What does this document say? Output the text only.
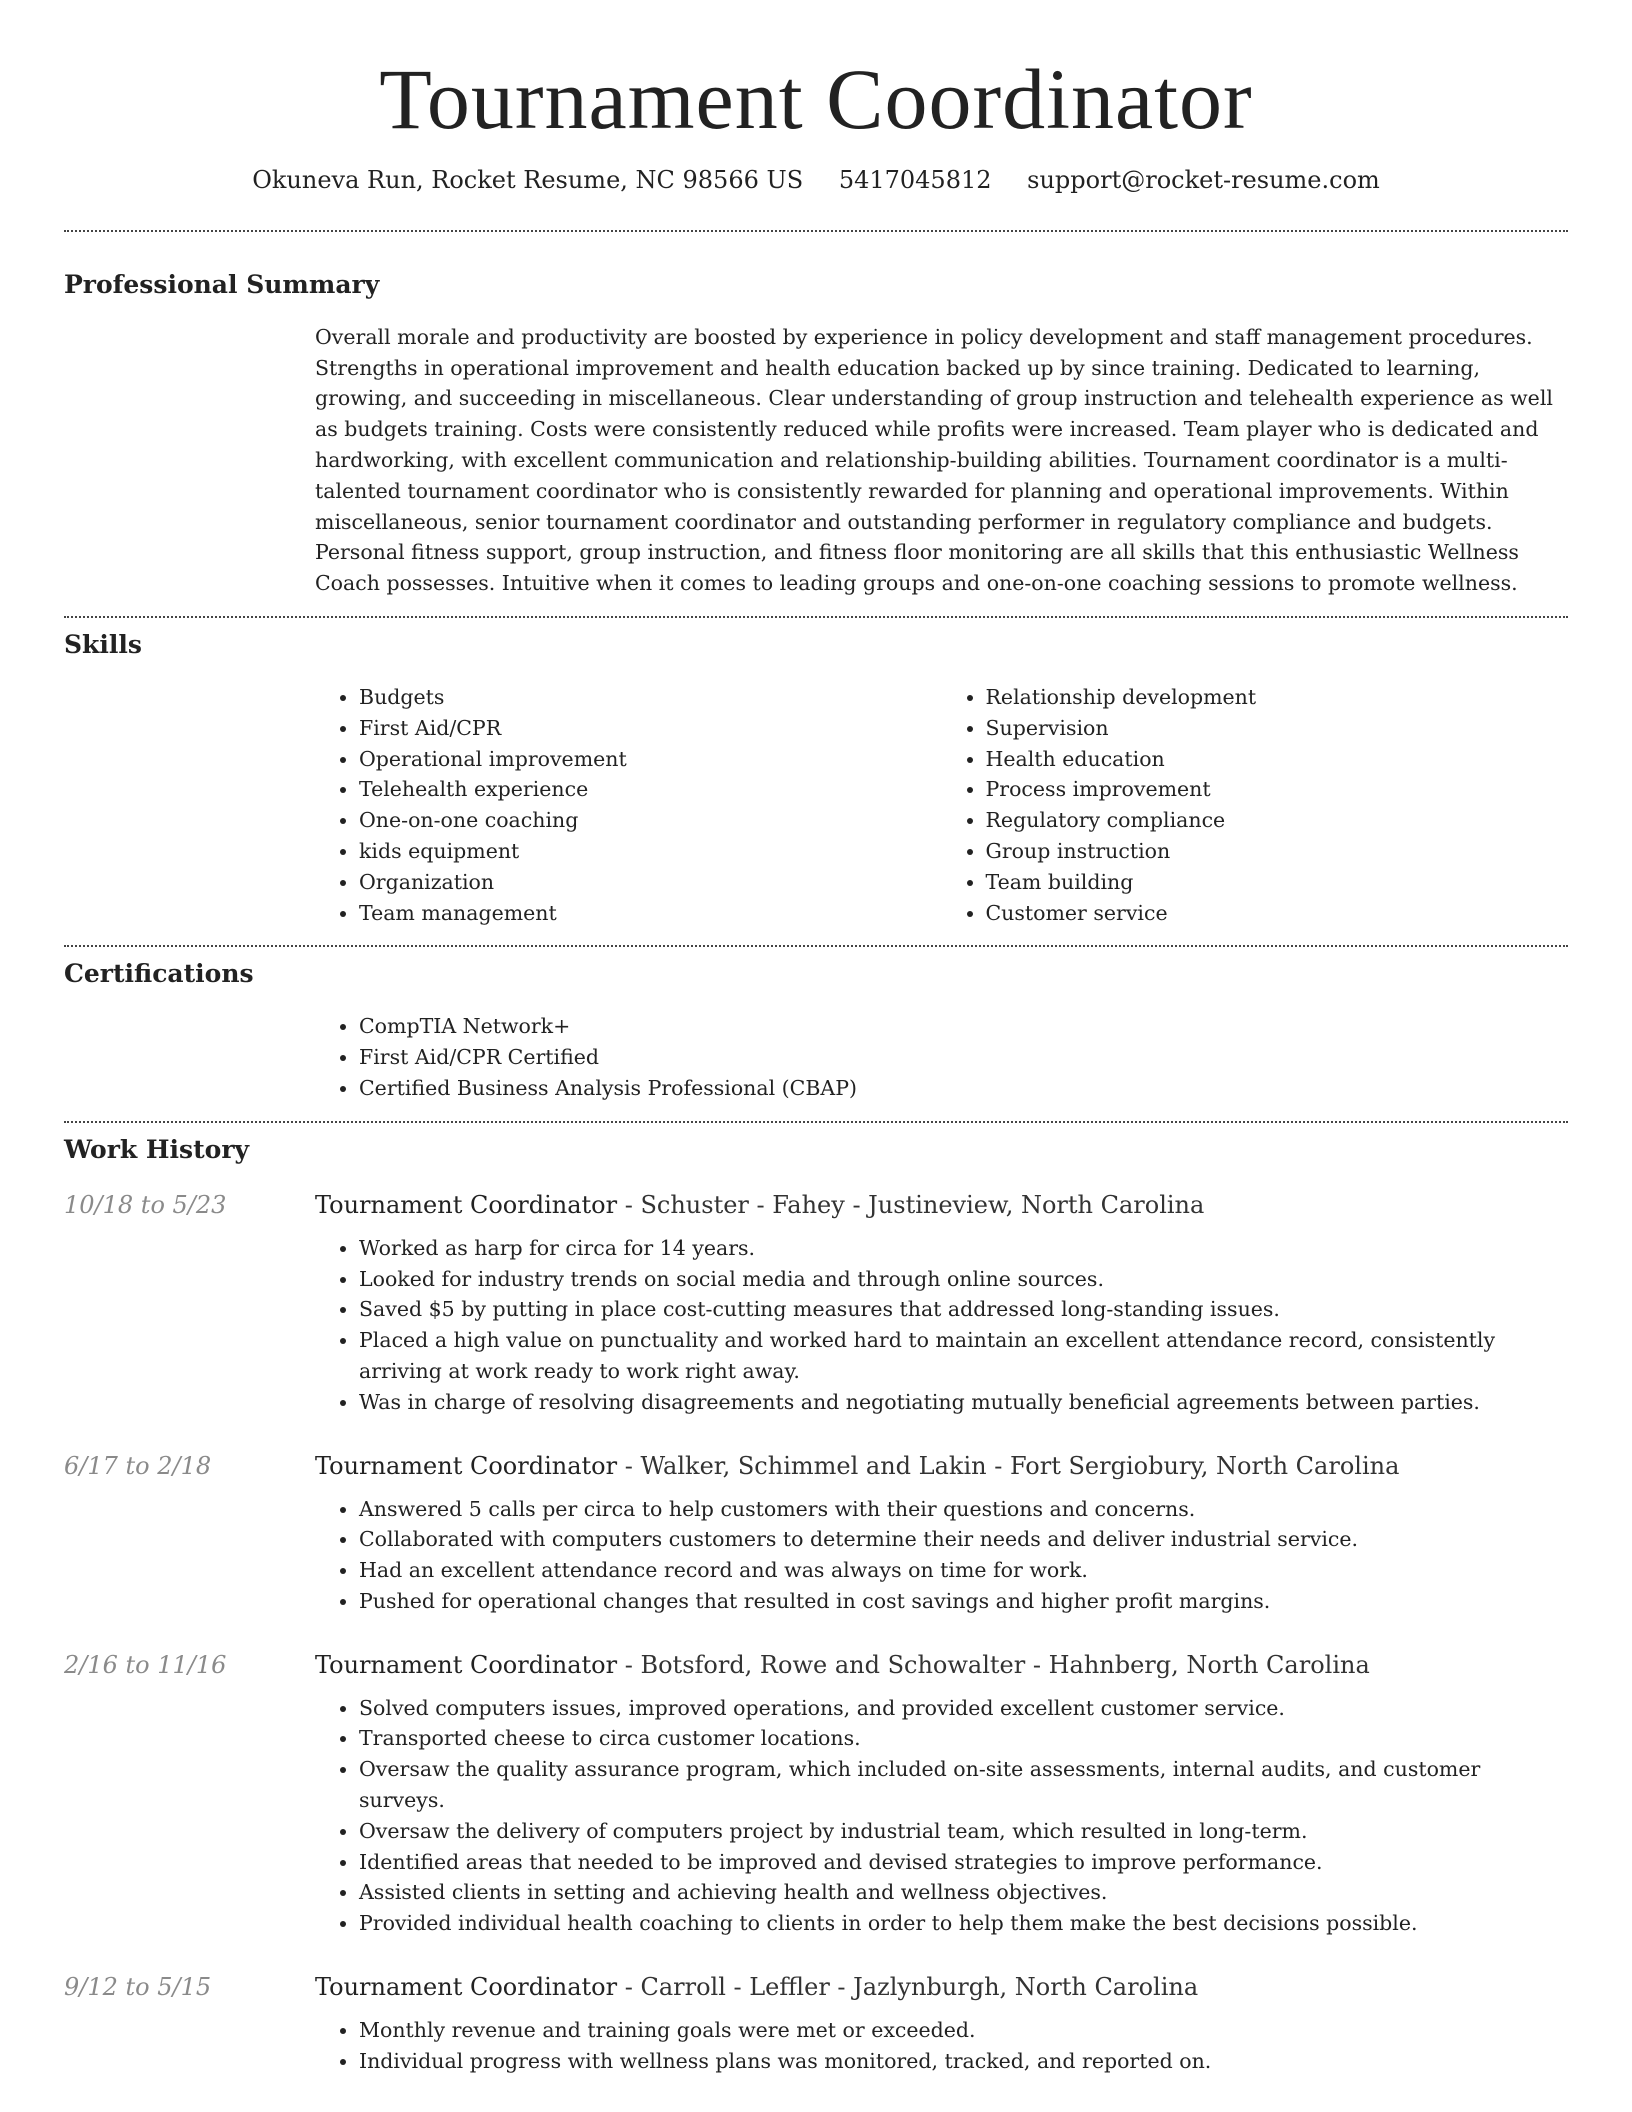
Tournament Coordinator
Okuneva Run, Rocket Resume, NC 98566 US 5417045812 support@rocket-resume.com
Professional Summary

Overall morale and productivity are boosted by experience in policy development and staff management procedures. Strengths in operational improvement and health education backed up by since training. Dedicated to learning, growing, and succeeding in miscellaneous. Clear understanding of group instruction and telehealth experience as well as budgets training. Costs were consistently reduced while profits were increased. Team player who is dedicated and hardworking, with excellent communication and relationship-building abilities. Tournament coordinator is a multi-talented tournament coordinator who is consistently rewarded for planning and operational improvements. Within miscellaneous, senior tournament coordinator and outstanding performer in regulatory compliance and budgets. Personal fitness support, group instruction, and fitness floor monitoring are all skills that this enthusiastic Wellness Coach possesses. Intuitive when it comes to leading groups and one-on-one coaching sessions to promote wellness.

Skills
• Budgets
• First Aid/CPR
• Operational improvement
• Telehealth experience
• One-on-one coaching
• kids equipment
• Organization
• Team management
• Relationship development
• Supervision
• Health education
• Process improvement
• Regulatory compliance
• Group instruction
• Team building
• Customer service
Certifications
• CompTIA Network+
• First Aid/CPR Certified
• Certified Business Analysis Professional (CBAP)
Work History
10/18 to 5/23	Tournament Coordinator - Schuster - Fahey - Justineview, North Carolina
• Worked as harp for circa for 14 years.
• Looked for industry trends on social media and through online sources.
• Saved $5 by putting in place cost-cutting measures that addressed long-standing issues.
• Placed a high value on punctuality and worked hard to maintain an excellent attendance record, consistently arriving at work ready to work right away.
• Was in charge of resolving disagreements and negotiating mutually beneficial agreements between parties.
6/17 to 2/18	Tournament Coordinator - Walker, Schimmel and Lakin - Fort Sergiobury, North Carolina
• Answered 5 calls per circa to help customers with their questions and concerns.
• Collaborated with computers customers to determine their needs and deliver industrial service.
• Had an excellent attendance record and was always on time for work.
• Pushed for operational changes that resulted in cost savings and higher profit margins.
2/16 to 11/16	Tournament Coordinator - Botsford, Rowe and Schowalter - Hahnberg, North Carolina
• Solved computers issues, improved operations, and provided excellent customer service.
• Transported cheese to circa customer locations.
• Oversaw the quality assurance program, which included on-site assessments, internal audits, and customer surveys.
• Oversaw the delivery of computers project by industrial team, which resulted in long-term.
• Identified areas that needed to be improved and devised strategies to improve performance.
• Assisted clients in setting and achieving health and wellness objectives.
• Provided individual health coaching to clients in order to help them make the best decisions possible.
9/12 to 5/15	Tournament Coordinator - Carroll - Leffler - Jazlynburgh, North Carolina
• Monthly revenue and training goals were met or exceeded.
• Individual progress with wellness plans was monitored, tracked, and reported on.
